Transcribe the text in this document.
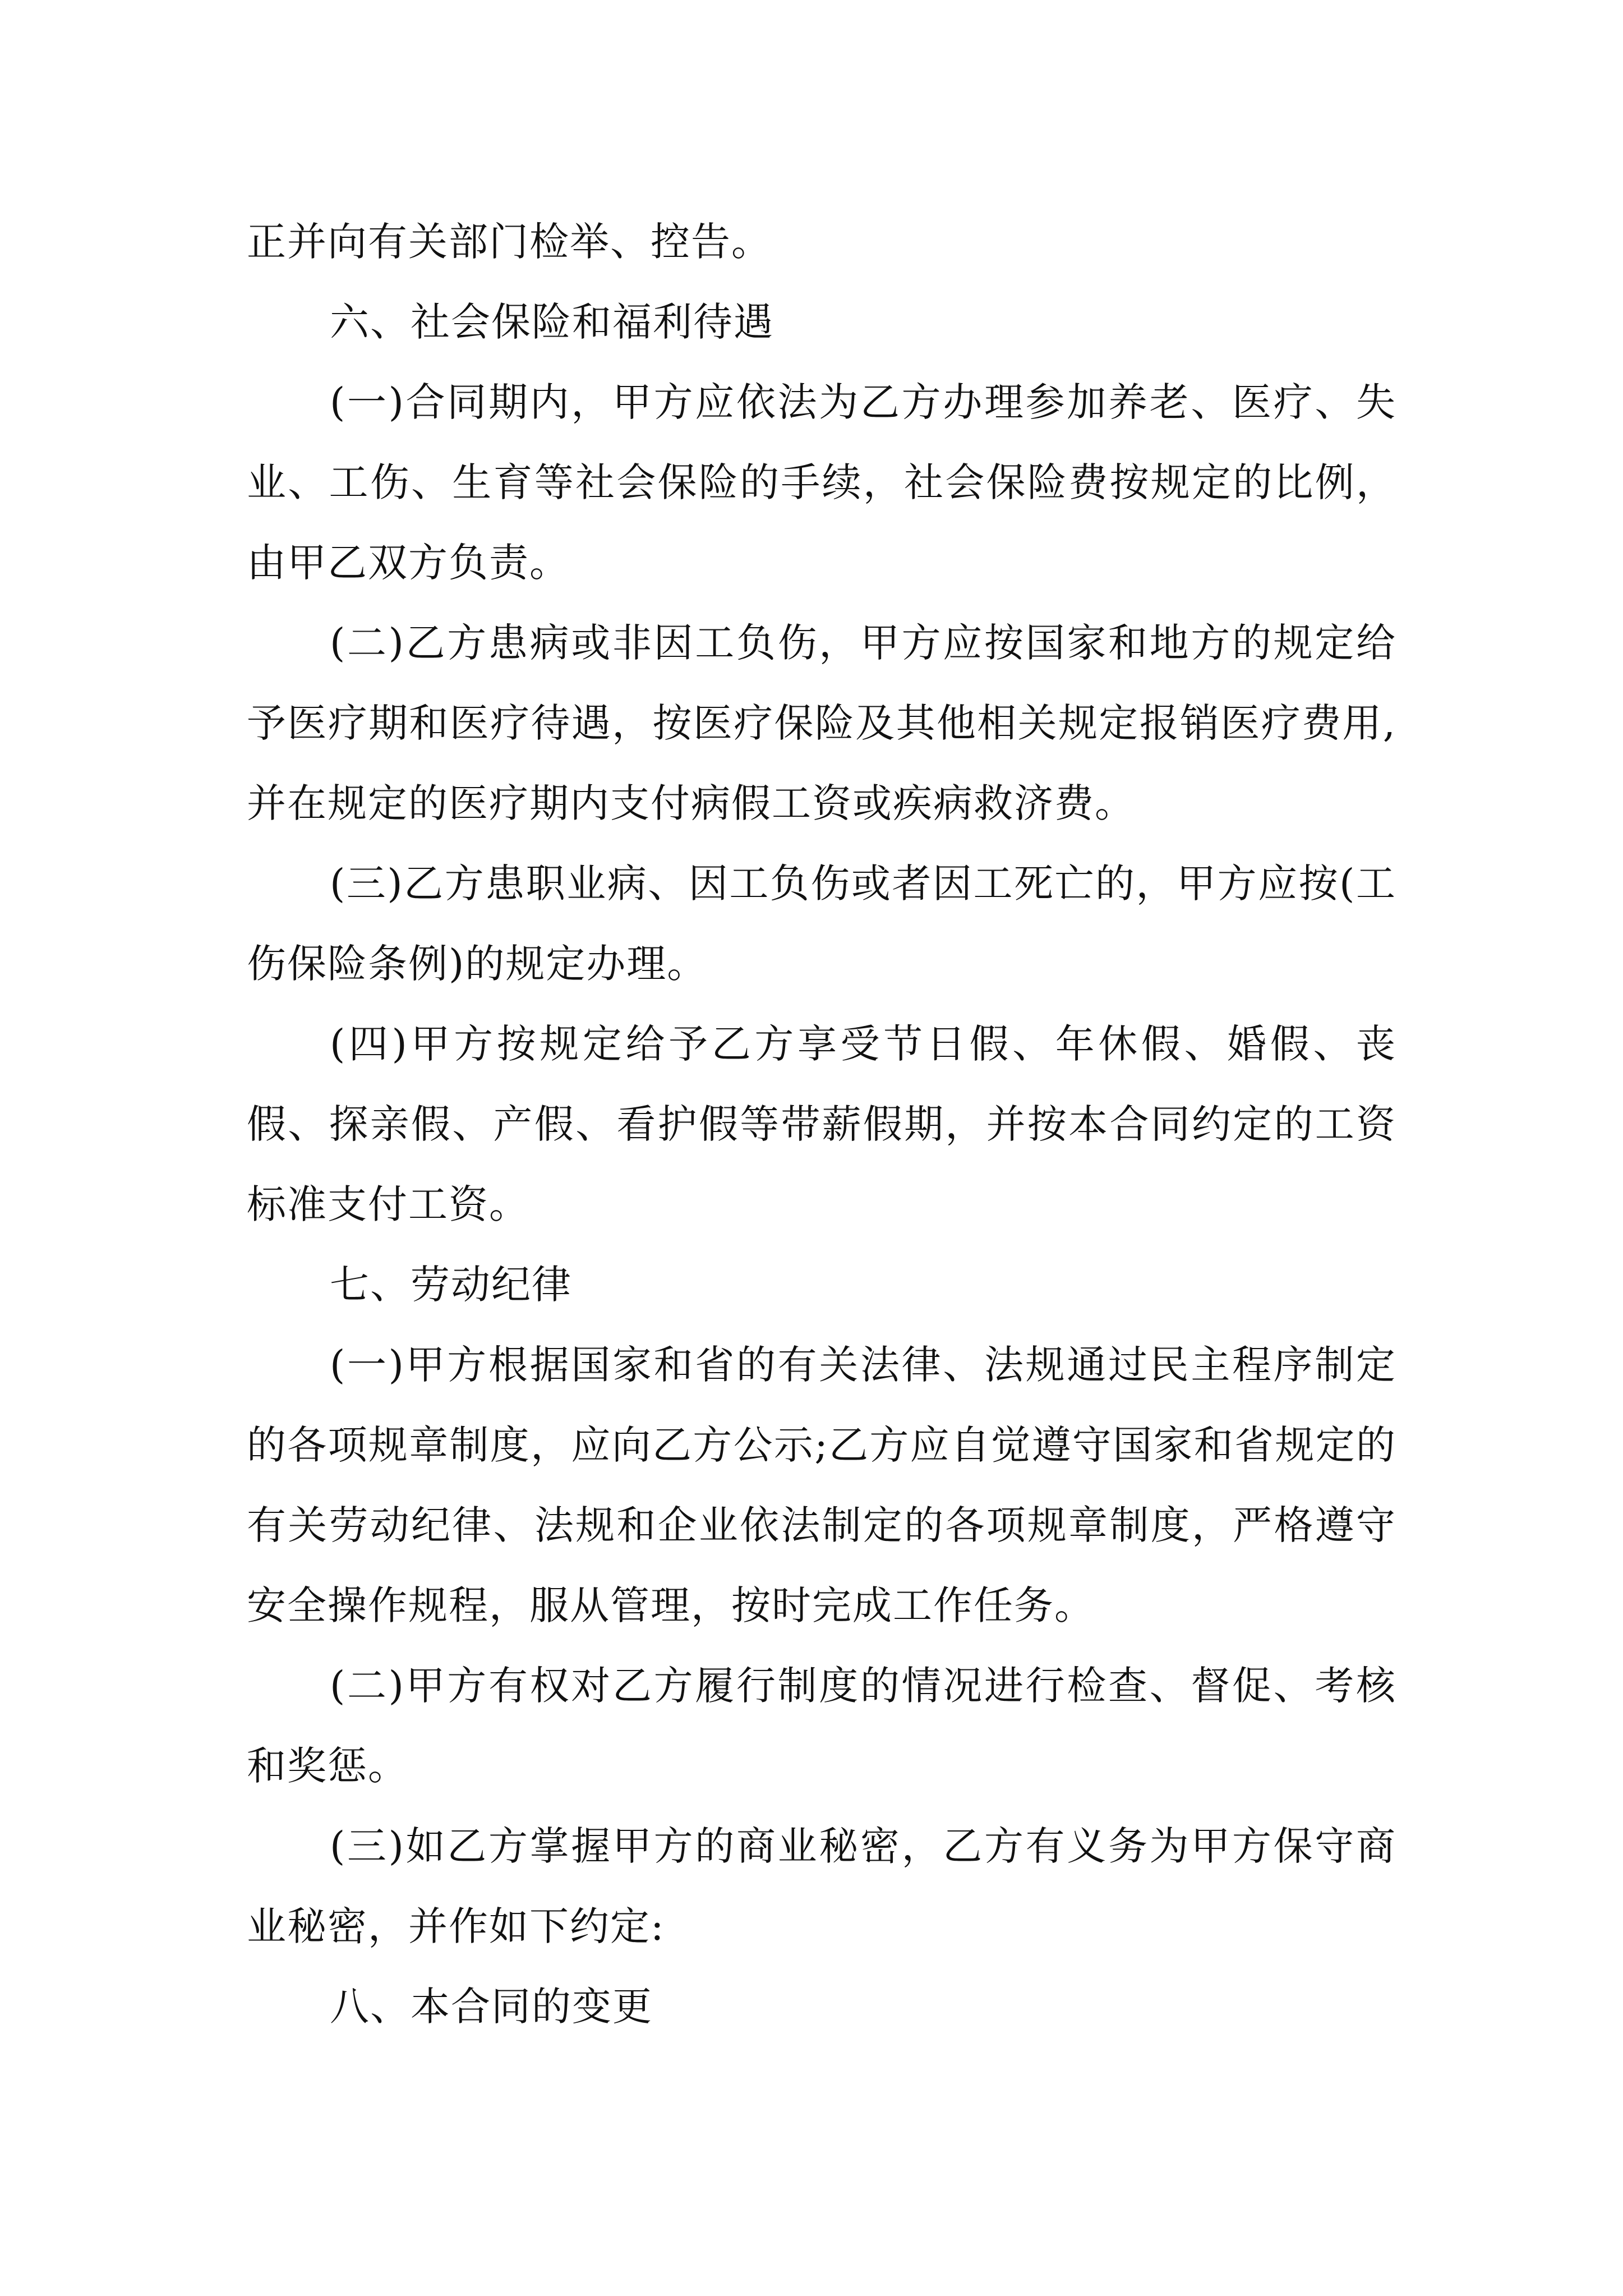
正并向有关部门检举、控告。

六、社会保险和福利待遇

(一)合同期内，甲方应依法为乙方办理参加养老、医疗、失业、工伤、生育等社会保险的手续，社会保险费按规定的比例，由甲乙双方负责。

(二)乙方患病或非因工负伤，甲方应按国家和地方的规定给予医疗期和医疗待遇，按医疗保险及其他相关规定报销医疗费用,并在规定的医疗期内支付病假工资或疾病救济费。

(三)乙方患职业病、因工负伤或者因工死亡的，甲方应按(工伤保险条例)的规定办理。

(四)甲方按规定给予乙方享受节日假、年休假、婚假、丧假、探亲假、产假、看护假等带薪假期，并按本合同约定的工资标准支付工资。

七、劳动纪律

(一)甲方根据国家和省的有关法律、法规通过民主程序制定的各项规章制度，应向乙方公示;乙方应自觉遵守国家和省规定的有关劳动纪律、法规和企业依法制定的各项规章制度，严格遵守安全操作规程，服从管理，按时完成工作任务。

(二)甲方有权对乙方履行制度的情况进行检查、督促、考核和奖惩。

(三)如乙方掌握甲方的商业秘密，乙方有义务为甲方保守商业秘密，并作如下约定:

八、本合同的变更
